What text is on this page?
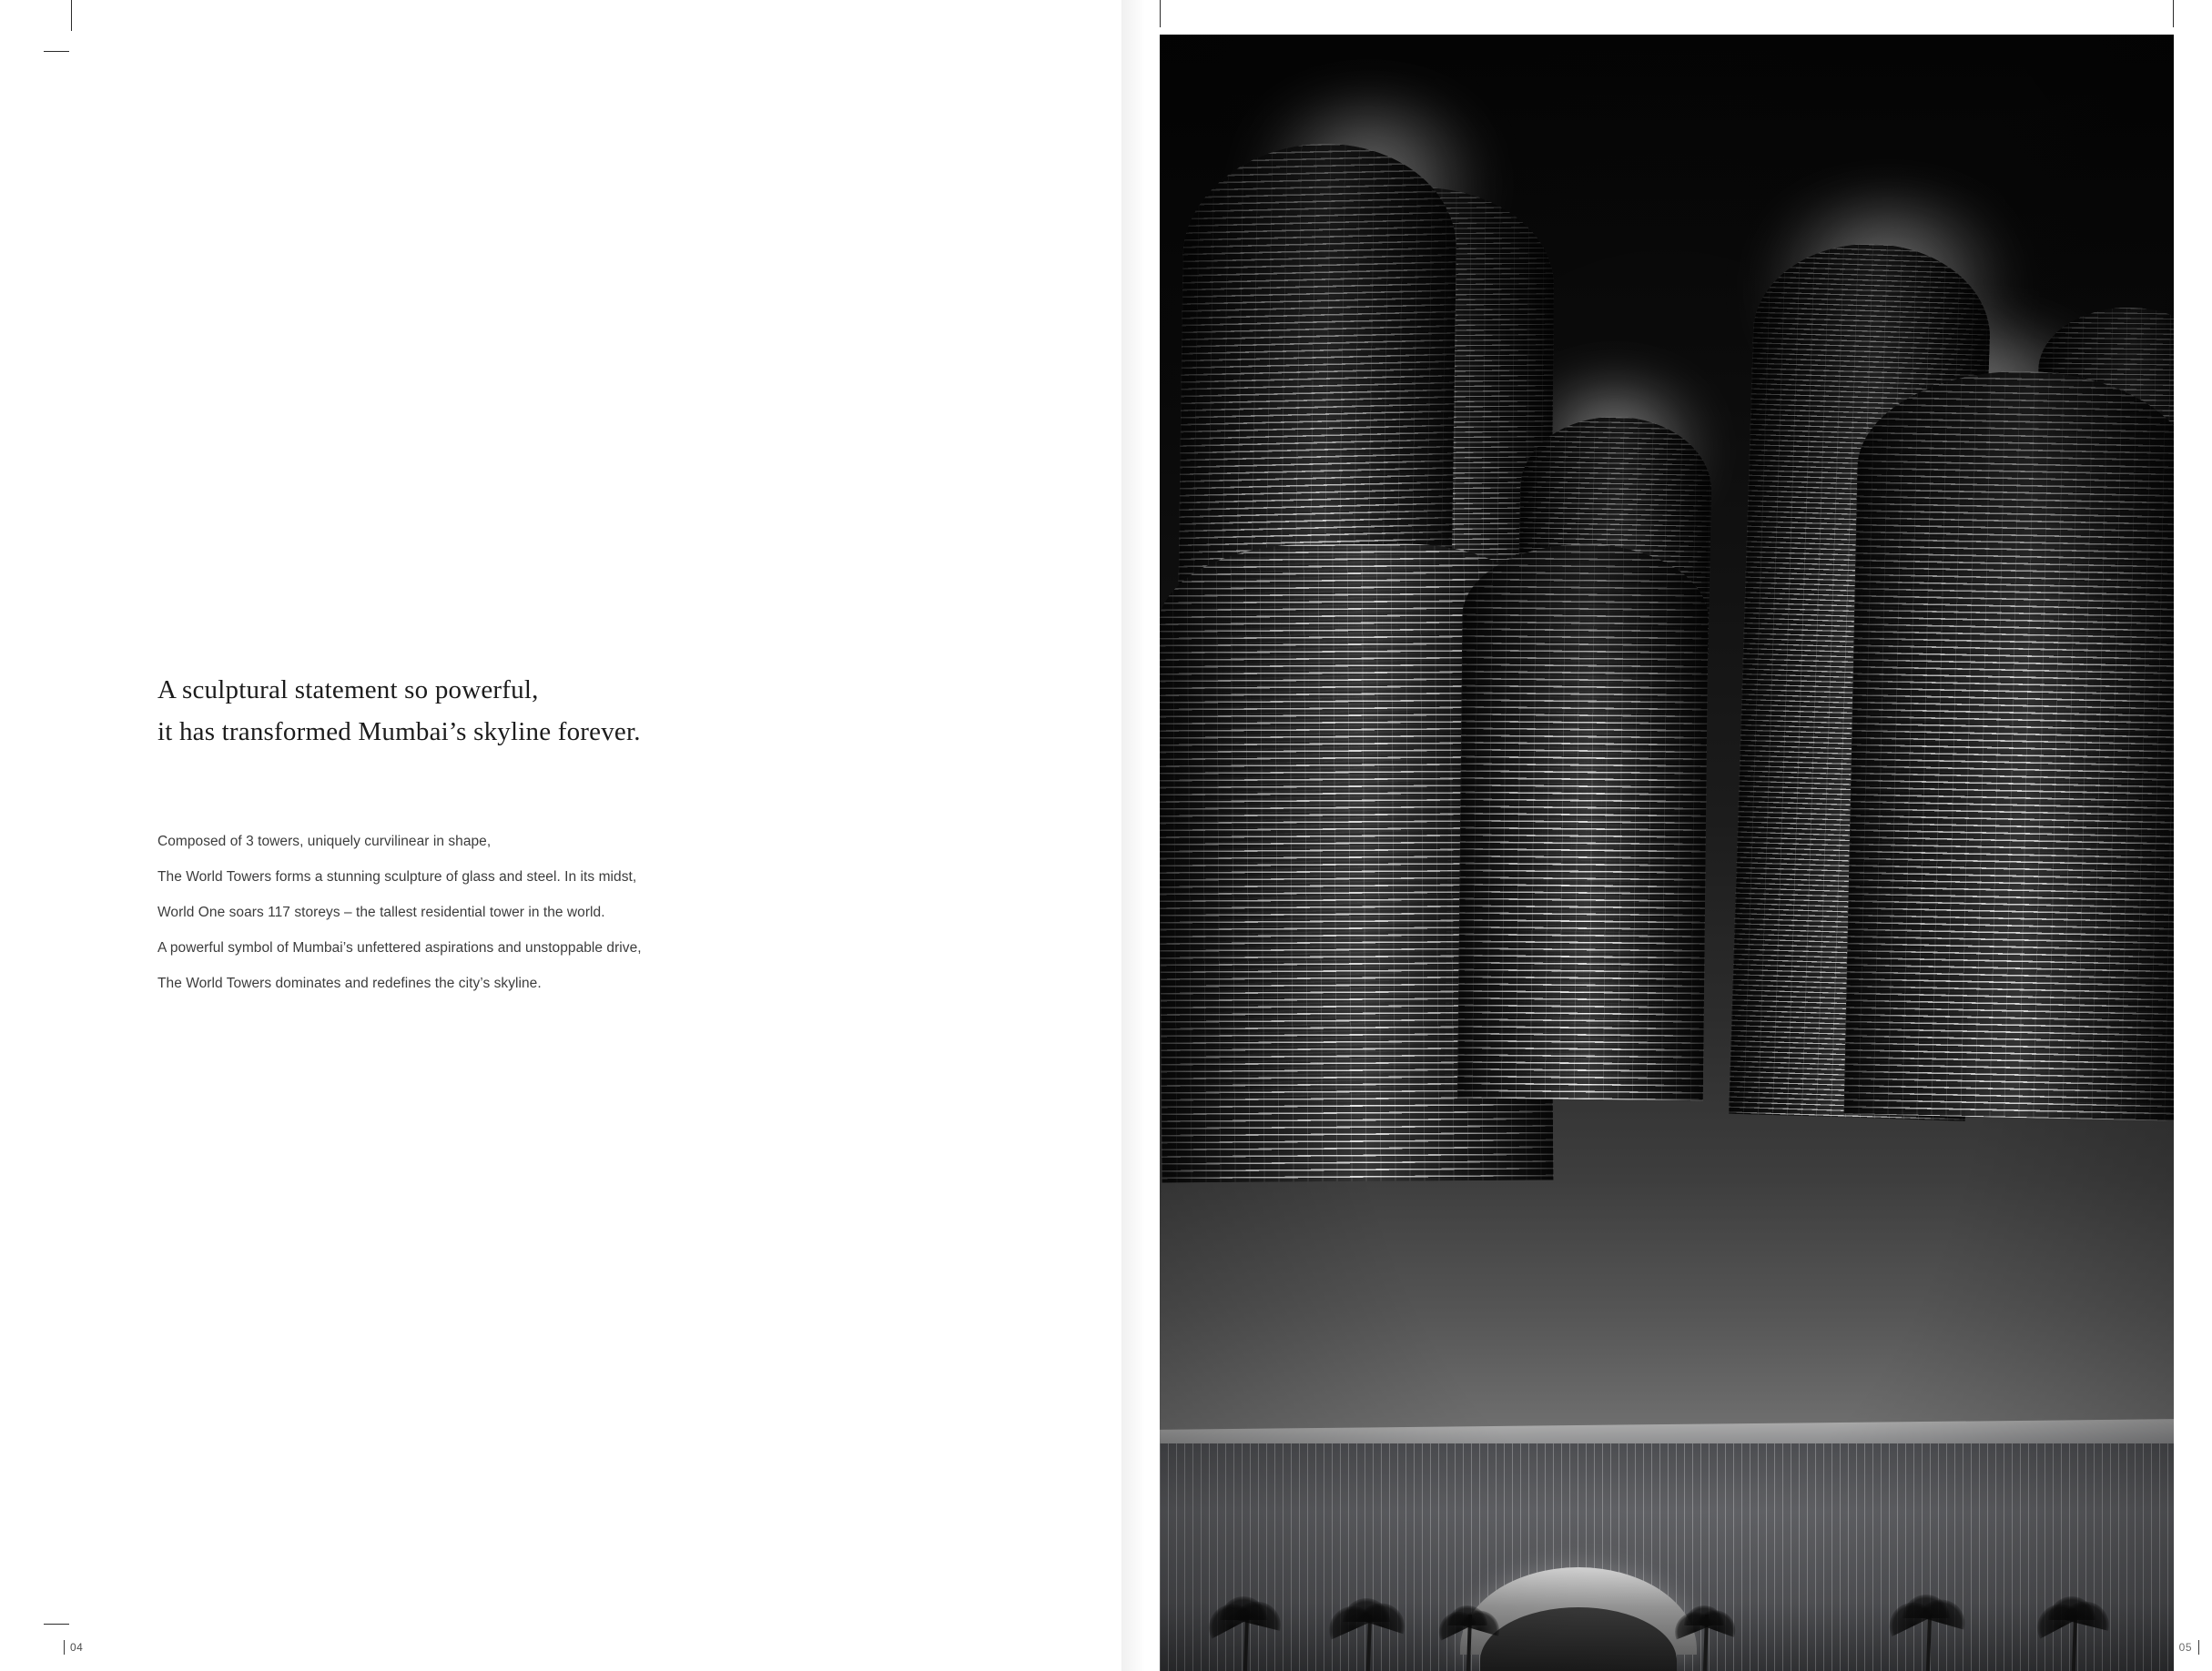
A sculptural statement so powerful,
it has transformed Mumbai’s skyline forever.
Composed of 3 towers, uniquely curvilinear in shape,
The World Towers forms a stunning sculpture of glass and steel. In its midst,
World One soars 117 storeys – the tallest residential tower in the world.
A powerful symbol of Mumbai’s unfettered aspirations and unstoppable drive,
The World Towers dominates and redefines the city’s skyline.
04	05
